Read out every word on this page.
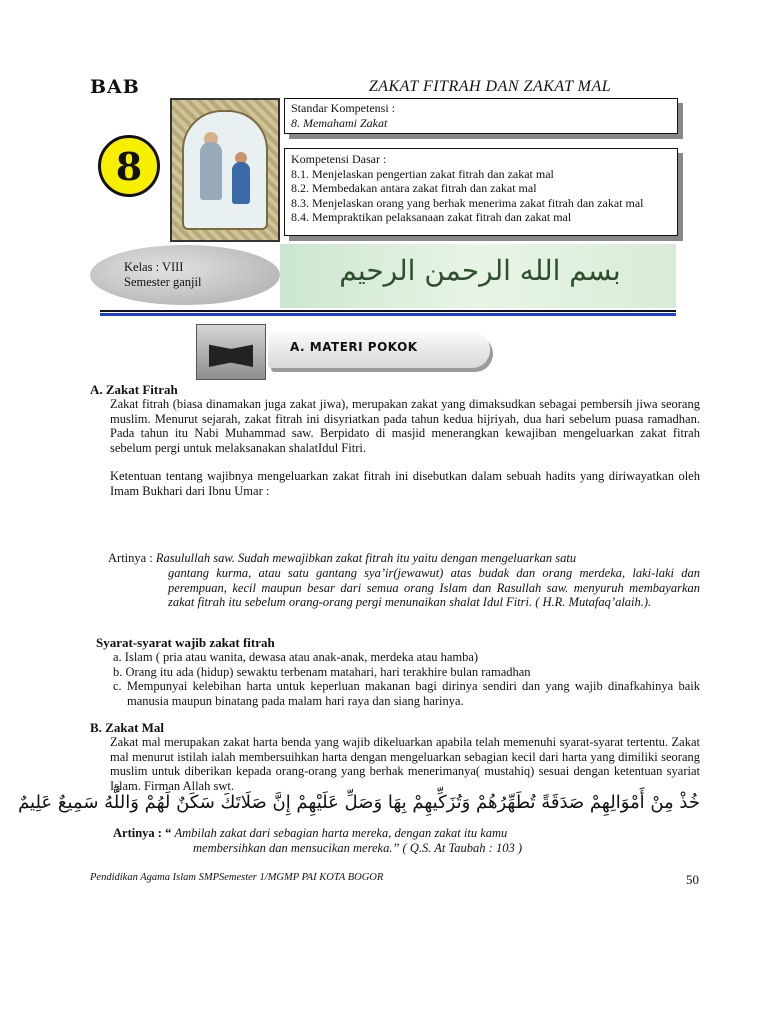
BAB	ZAKAT FITRAH DAN ZAKAT MAL
8
Standar Kompetensi :
8. Memahami Zakat
Kompetensi Dasar :
8.1. Menjelaskan pengertian zakat fitrah dan zakat mal
8.2. Membedakan antara zakat fitrah dan zakat mal
8.3. Menjelaskan orang yang berhak menerima zakat fitrah dan zakat mal
8.4. Mempraktikan pelaksanaan zakat fitrah dan zakat mal
Kelas : VIII
Semester ganjil	بسم الله الرحمن الرحيم
A. MATERI POKOK
A. Zakat Fitrah
Zakat fitrah (biasa dinamakan juga zakat jiwa), merupakan zakat yang dimaksudkan sebagai pembersih jiwa seorang muslim. Menurut sejarah, zakat fitrah ini disyriatkan pada tahun kedua hijriyah, dua hari sebelum puasa ramadhan. Pada tahun itu Nabi Muhammad saw. Berpidato di masjid menerangkan kewajiban mengeluarkan zakat fitrah sebelum pergi untuk melaksanakan shalatIdul Fitri.
Ketentuan tentang wajibnya mengeluarkan zakat fitrah ini disebutkan dalam sebuah hadits yang diriwayatkan oleh Imam Bukhari dari Ibnu Umar :
Artinya : Rasulullah saw. Sudah mewajibkan zakat fitrah itu yaitu dengan mengeluarkan satu
gantang kurma, atau satu gantang sya’ir(jewawut) atas budak dan orang merdeka, laki-laki dan perempuan, kecil maupun besar dari semua orang Islam dan Rasullah saw. menyuruh membayarkan zakat fitrah itu sebelum orang-orang pergi menunaikan shalat Idul Fitri. ( H.R. Mutafaq’alaih.).
Syarat-syarat wajib zakat fitrah
a. Islam ( pria atau wanita, dewasa atau anak-anak, merdeka atau hamba)
b. Orang itu ada (hidup) sewaktu terbenam matahari, hari terakhire bulan ramadhan
c. Mempunyai kelebihan harta untuk keperluan makanan bagi dirinya sendiri dan yang wajib dinafkahinya baik manusia maupun binatang pada malam hari raya dan siang harinya.
B. Zakat Mal
Zakat mal merupakan zakat harta benda yang wajib dikeluarkan apabila telah memenuhi syarat-syarat tertentu. Zakat mal menurut istilah ialah membersuihkan harta dengan mengeluarkan sebagian kecil dari harta yang dimiliki seorang muslim untuk diberikan kepada orang-orang yang berhak menerimanya( mustahiq) sesuai dengan ketentuan syariat Islam. Firman Allah swt.
خُذْ مِنْ أَمْوَالِهِمْ صَدَقَةً تُطَهِّرُهُمْ وَتُزَكِّيهِمْ بِهَا وَصَلِّ عَلَيْهِمْ إِنَّ صَلَاتَكَ سَكَنٌ لَهُمْ وَاللَّهُ سَمِيعٌ عَلِيمٌ
Artinya : “ Ambilah zakat dari sebagian harta mereka, dengan zakat itu kamu
membersihkan dan mensucikan mereka.” ( Q.S. At Taubah : 103 )
Pendidikan Agama Islam SMPSemester 1/MGMP PAI KOTA BOGOR	50
